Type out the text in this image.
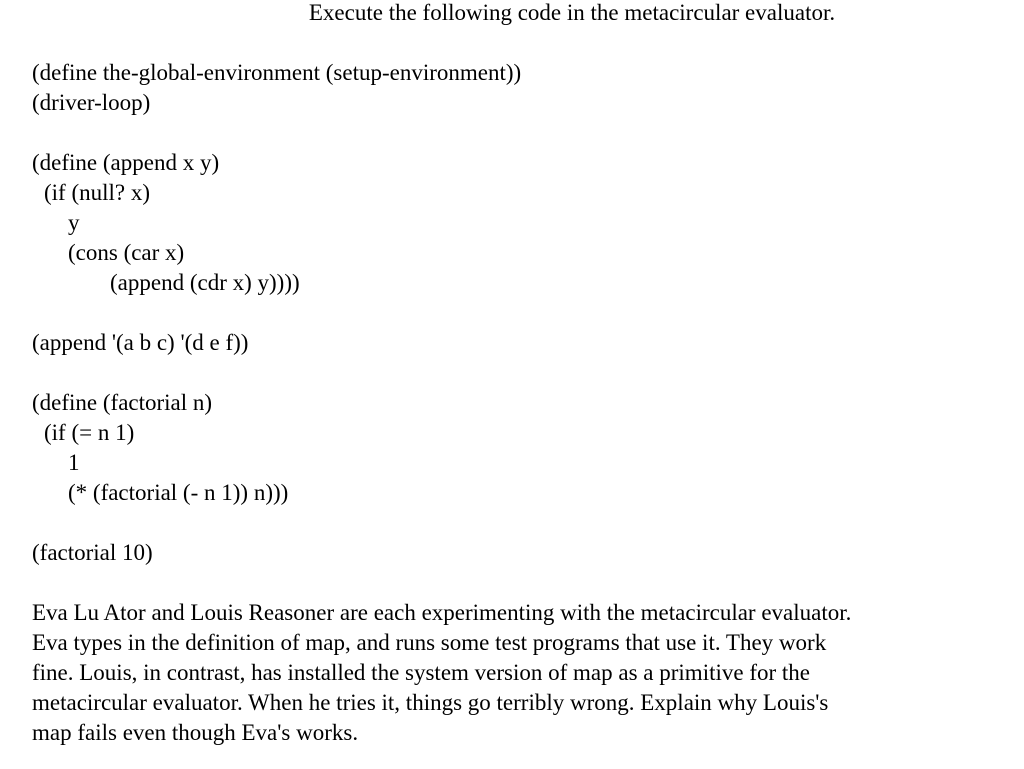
Execute the following code in the metacircular evaluator.
(define the-global-environment (setup-environment))
(driver-loop)
(define (append x y)
(if (null? x)
y
(cons (car x)
(append (cdr x) y))))
(append '(a b c) '(d e f))
(define (factorial n)
(if (= n 1)
1
(* (factorial (- n 1)) n)))
(factorial 10)
Eva Lu Ator and Louis Reasoner are each experimenting with the metacircular evaluator.
Eva types in the definition of map, and runs some test programs that use it. They work
fine. Louis, in contrast, has installed the system version of map as a primitive for the
metacircular evaluator. When he tries it, things go terribly wrong. Explain why Louis's
map fails even though Eva's works.
